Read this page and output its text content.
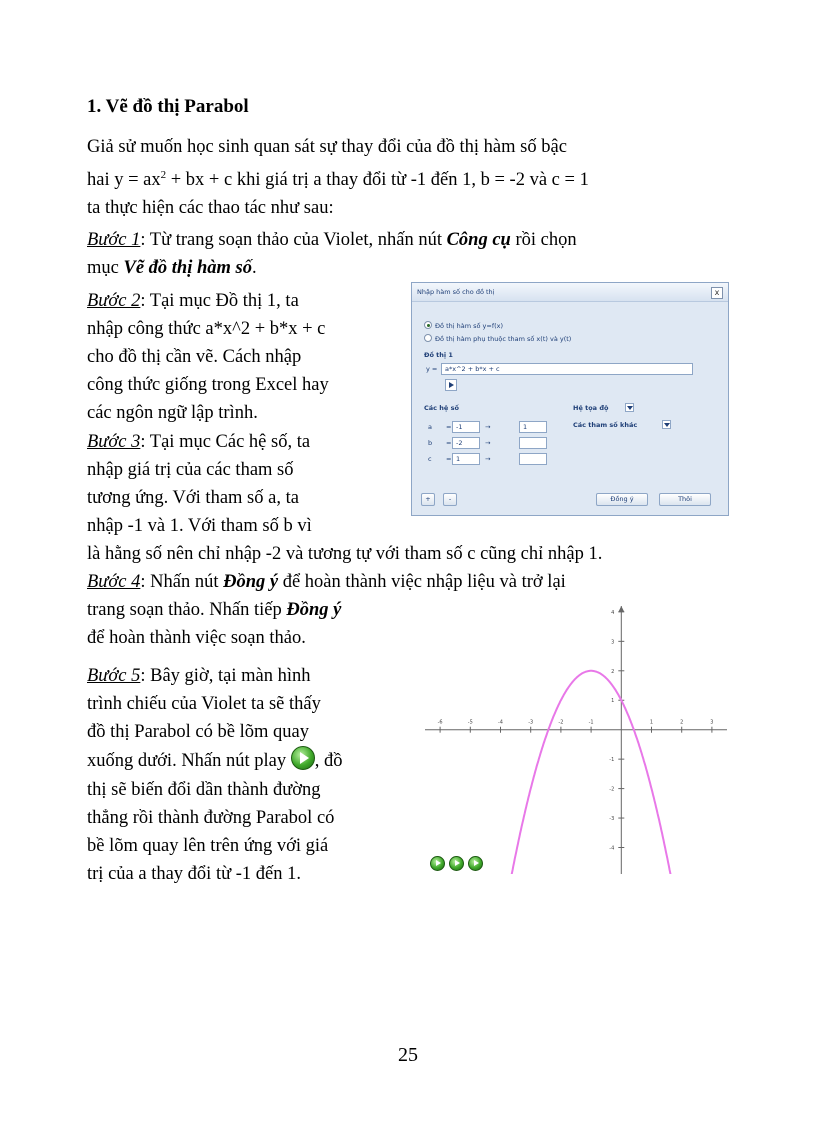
1. Vẽ đồ thị Parabol
Giả sử muốn học sinh quan sát sự thay đổi của đồ thị hàm số bậc
hai $y = ax^2$ + bx + c khi giá trị a thay đổi từ -1 đến 1, b = -2 và c = 1
ta thực hiện các thao tác như sau:
Bước 1: Từ trang soạn thảo của Violet, nhấn nút Công cụ rồi chọn
mục Vẽ đồ thị hàm số.
Bước 2: Tại mục Đồ thị 1, ta
nhập công thức a*x^2 + b*x + c
cho đồ thị cần vẽ. Cách nhập
công thức giống trong Excel hay
các ngôn ngữ lập trình.
Bước 3: Tại mục Các hệ số, ta
nhập giá trị của các tham số
tương ứng. Với tham số a, ta
nhập -1 và 1. Với tham số b vì
là hằng số nên chỉ nhập -2 và tương tự với tham số c cũng chỉ nhập 1.
Bước 4: Nhấn nút Đồng ý để hoàn thành việc nhập liệu và trở lại
trang soạn thảo. Nhấn tiếp Đồng ý
để hoàn thành việc soạn thảo.
Bước 5: Bây giờ, tại màn hình
trình chiếu của Violet ta sẽ thấy
đồ thị Parabol có bề lõm quay
xuống dưới. Nhấn nút play , đồ
thị sẽ biến đổi dần thành đường
thẳng rồi thành đường Parabol có
bề lõm quay lên trên ứng với giá
trị của a thay đổi từ -1 đến 1.
Nhập hàm số cho đồ thị	x
Đồ thị hàm số y=f(x)
Đồ thị hàm phụ thuộc tham số x(t) và y(t)
Đồ thị 1
y =	a*x^2 + b*x + c
Các hệ số	Hệ tọa độ
Các tham số khác
a = -1	→	1
b = -2	→
c = 1	→
+	-	Đồng ý	Thôi
-6	-5	-4	-3	-2	-1	1	2	3
4
3
2
1
-1
-2
-3
-4
25
